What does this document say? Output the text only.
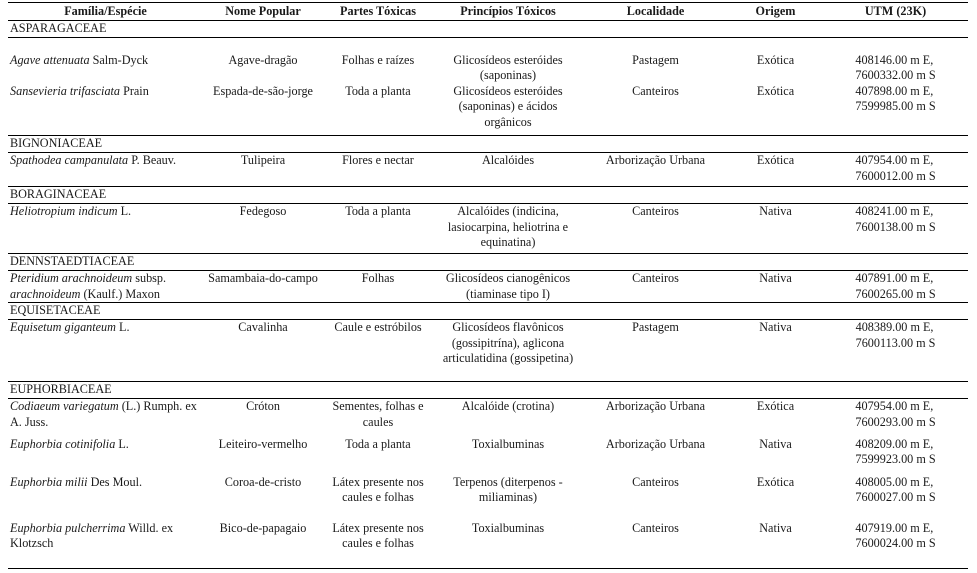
Família/Espécie	Nome Popular	Partes Tóxicas	Princípios Tóxicos	Localidade	Origem	UTM (23K)
ASPARAGACEAE						
Agave attenuata Salm-Dyck	Agave-dragão	Folhas e raízes	Glicosídeos esteróides (saponinas)	Pastagem	Exótica	408146.00 m E,
7600332.00 m S

Sansevieria trifasciata Prain	Espada-de-são-jorge	Toda a planta	Glicosídeos esteróides (saponinas) e ácidos orgânicos	Canteiros	Exótica	407898.00 m E,
7599985.00 m S

BIGNONIACEAE						
Spathodea campanulata P. Beauv.	Tulipeira	Flores e nectar	Alcalóides	Arborização Urbana	Exótica	407954.00 m E,
7600012.00 m S

BORAGINACEAE						
Heliotropium indicum L.	Fedegoso	Toda a planta	Alcalóides (indicina, lasiocarpina, heliotrina e equinatina)	Canteiros	Nativa	408241.00 m E,
7600138.00 m S

DENNSTAEDTIACEAE						
Pteridium arachnoideum subsp. arachnoideum (Kaulf.) Maxon	Samambaia-do-campo	Folhas	Glicosídeos cianogênicos (tiaminase tipo I)	Canteiros	Nativa	407891.00 m E,
7600265.00 m S

EQUISETACEAE						
Equisetum giganteum L.	Cavalinha	Caule e estróbilos	Glicosídeos flavônicos (gossipitrína), aglicona articulatidina (gossipetina)	Pastagem	Nativa	408389.00 m E,
7600113.00 m S

EUPHORBIACEAE						
Codiaeum variegatum (L.) Rumph. ex A. Juss.	Cróton	Sementes, folhas e caules	Alcalóide (crotina)	Arborização Urbana	Exótica	407954.00 m E,
7600293.00 m S

Euphorbia cotinifolia L.	Leiteiro-vermelho	Toda a planta	Toxialbuminas	Arborização Urbana	Nativa	408209.00 m E,
7599923.00 m S

Euphorbia milii Des Moul.	Coroa-de-cristo	Látex presente nos caules e folhas	Terpenos (diterpenos - miliaminas)	Canteiros	Exótica	408005.00 m E,
7600027.00 m S

Euphorbia pulcherrima Willd. ex Klotzsch	Bico-de-papagaio	Látex presente nos caules e folhas	Toxialbuminas	Canteiros	Nativa	407919.00 m E,
7600024.00 m S
